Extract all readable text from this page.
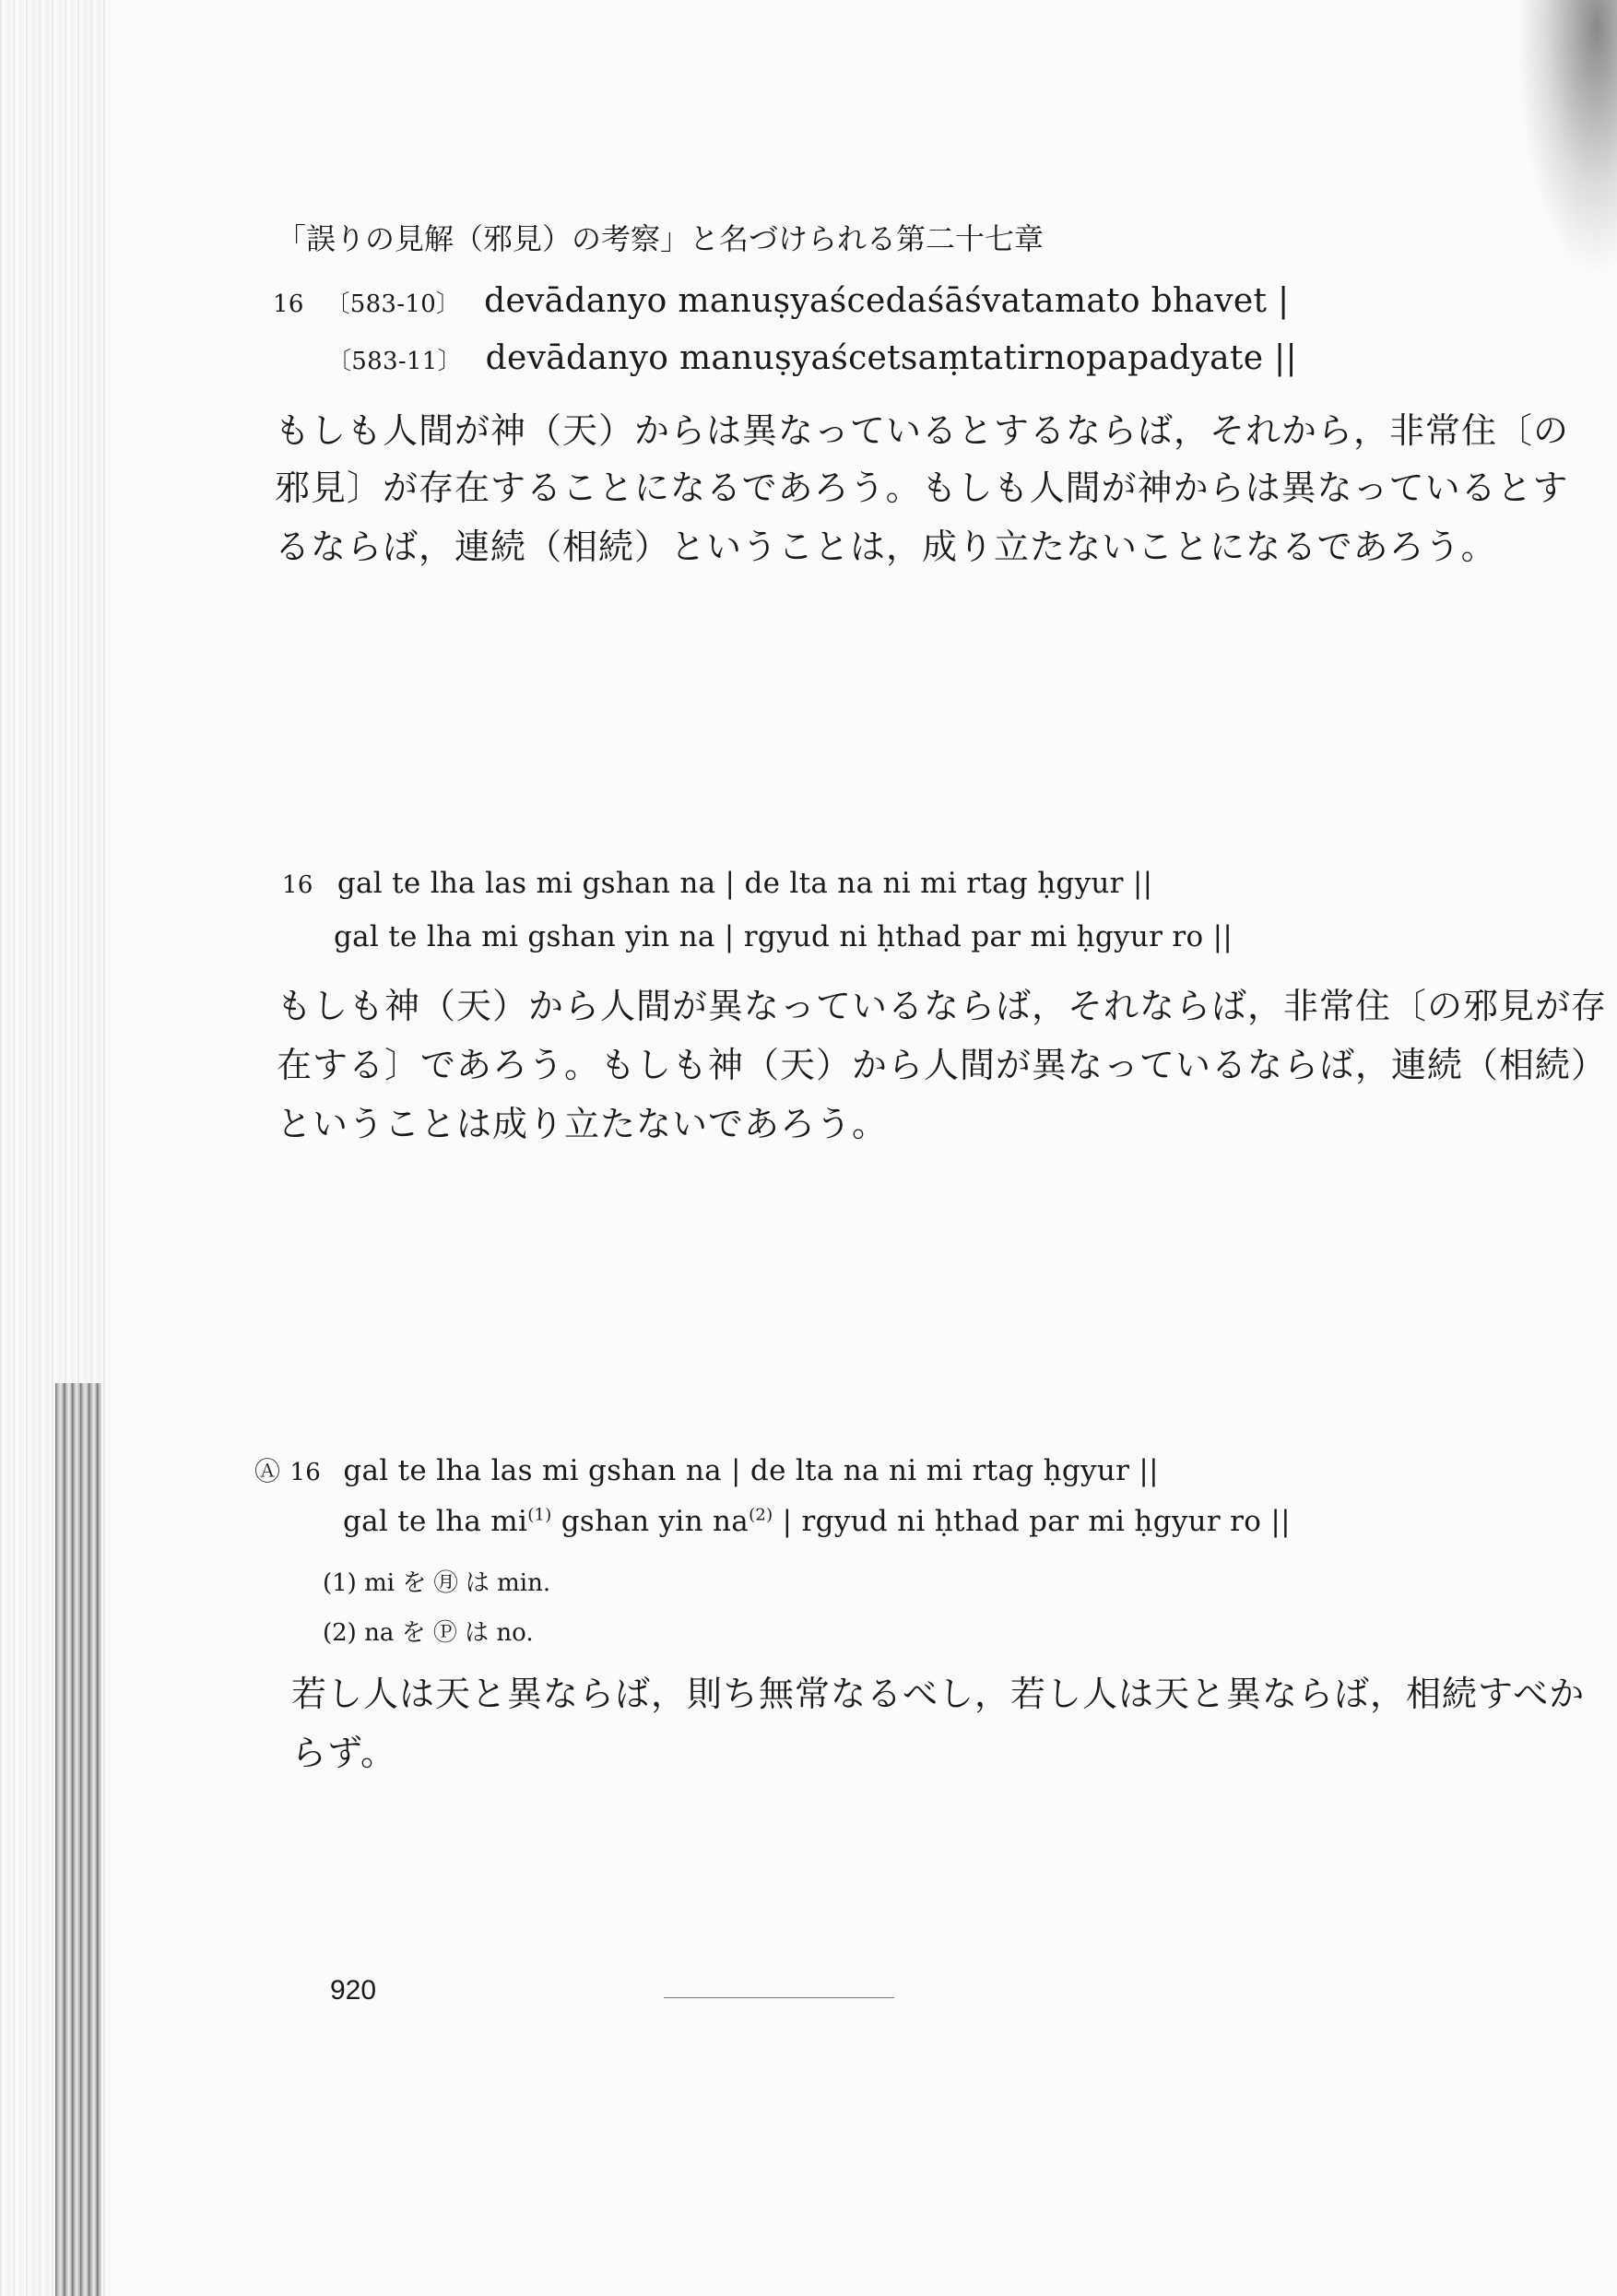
「誤りの見解（邪見）の考察」と名づけられる第二十七章
16 〔583-10〕 devādanyo manuṣyaścedaśāśvatamato bhavet |
〔583-11〕 devādanyo manuṣyaścetsaṃtatirnopapadyate ||
もしも人間が神（天）からは異なっているとするならば，それから，非常住〔の
邪見〕が存在することになるであろう。もしも人間が神からは異なっているとす
るならば，連続（相続）ということは，成り立たないことになるであろう。
16 gal te lha las mi gshan na | de lta na ni mi rtag ḥgyur ||
gal te lha mi gshan yin na | rgyud ni ḥthad par mi ḥgyur ro ||
もしも神（天）から人間が異なっているならば，それならば，非常住〔の邪見が存
在する〕であろう。もしも神（天）から人間が異なっているならば，連続（相続）
ということは成り立たないであろう。
Ⓐ 16 gal te lha las mi gshan na | de lta na ni mi rtag ḥgyur ||
gal te lha $mi^{(1)}$ gshan yin $na^{(2)}$ | rgyud ni ḥthad par mi ḥgyur ro ||
(1) mi を ㊊ は min.
(2) na を Ⓟ は no.
若し人は天と異ならば，則ち無常なるべし，若し人は天と異ならば，相続すべか
らず。
920
